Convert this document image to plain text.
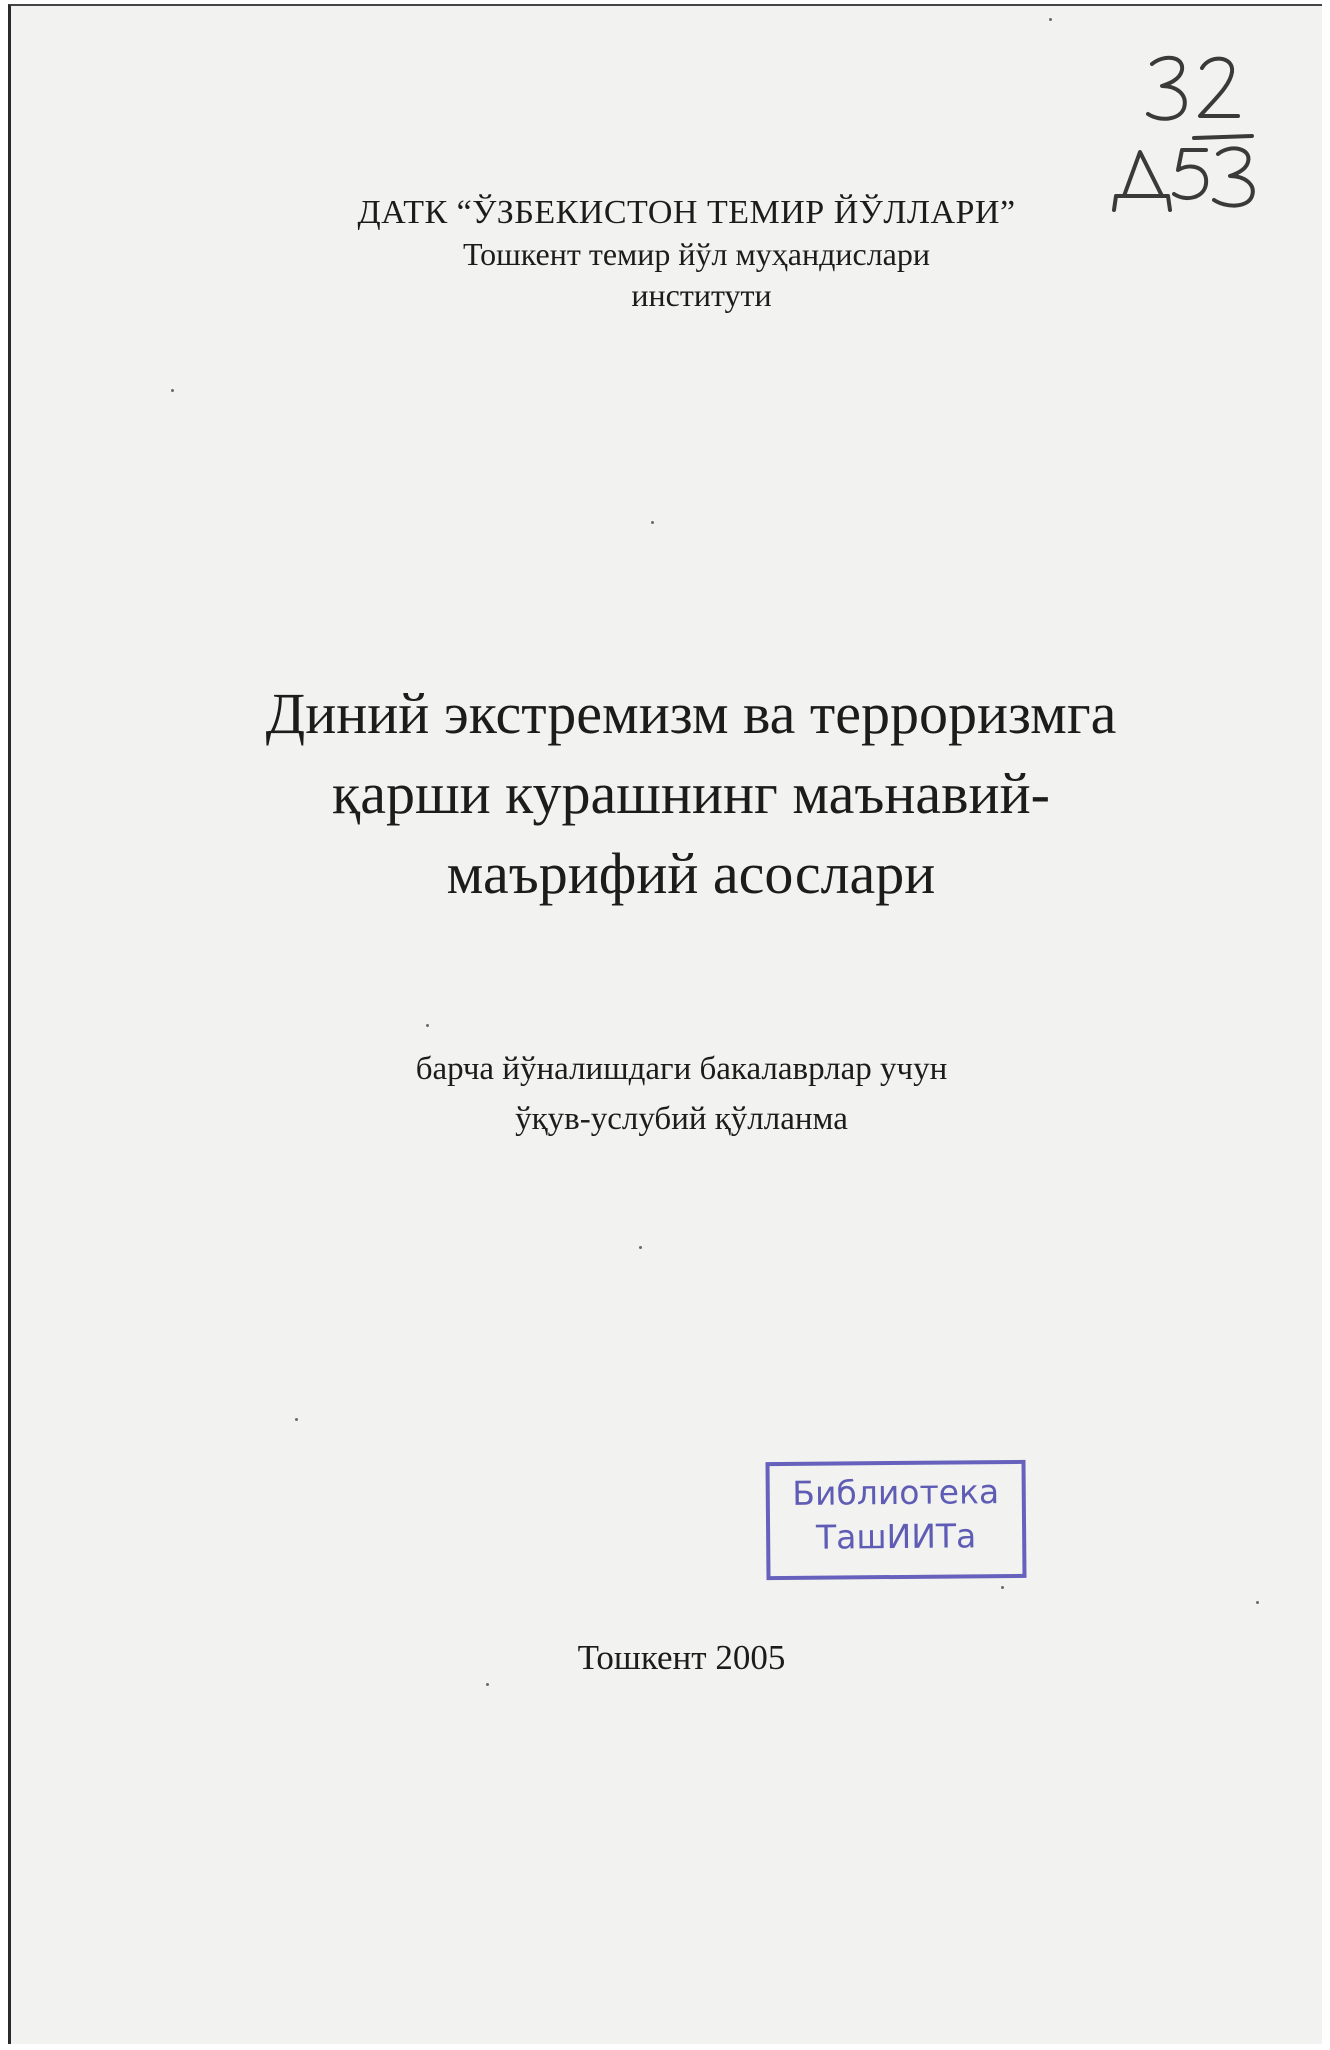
ДАТК “ЎЗБЕКИСТОН ТЕМИР ЙЎЛЛАРИ”
Тошкент темир йўл муҳандислари
институти
Диний экстремизм ва терроризмга
қарши курашнинг маънавий-
маърифий асослари
барча йўналишдаги бакалаврлар учун
ўқув-услубий қўлланма
Библиотека
ТашИИТа
Тошкент 2005
